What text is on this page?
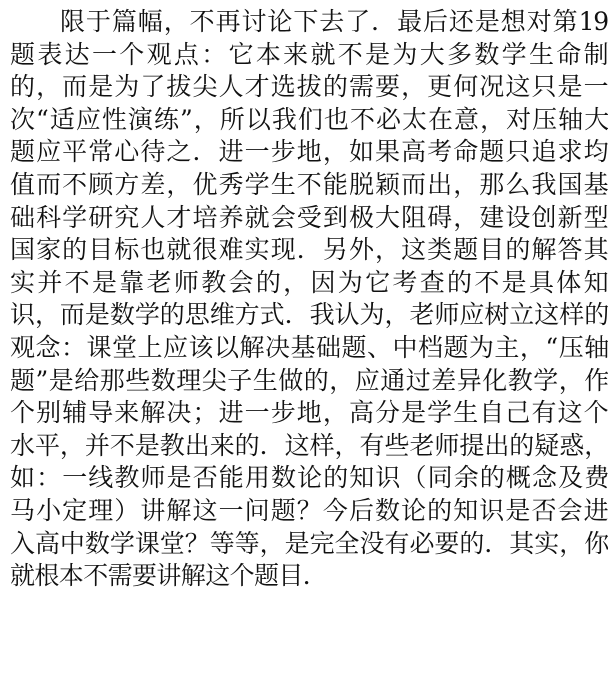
限于篇幅，不再讨论下去了．最后还是想对第19
题表达一个观点：它本来就不是为大多数学生命制
的，而是为了拔尖人才选拔的需要，更何况这只是一
次“适应性演练”，所以我们也不必太在意，对压轴大
题应平常心待之．进一步地，如果高考命题只追求均
值而不顾方差，优秀学生不能脱颖而出，那么我国基
础科学研究人才培养就会受到极大阻碍，建设创新型
国家的目标也就很难实现．另外，这类题目的解答其
实并不是靠老师教会的，因为它考查的不是具体知
识，而是数学的思维方式．我认为，老师应树立这样的
观念：课堂上应该以解决基础题、中档题为主，“压轴
题”是给那些数理尖子生做的，应通过差异化教学，作
个别辅导来解决；进一步地，高分是学生自己有这个
水平，并不是教出来的．这样，有些老师提出的疑惑，
如：一线教师是否能用数论的知识（同余的概念及费
马小定理）讲解这一问题？今后数论的知识是否会进
入高中数学课堂？等等，是完全没有必要的．其实，你
就根本不需要讲解这个题目．
